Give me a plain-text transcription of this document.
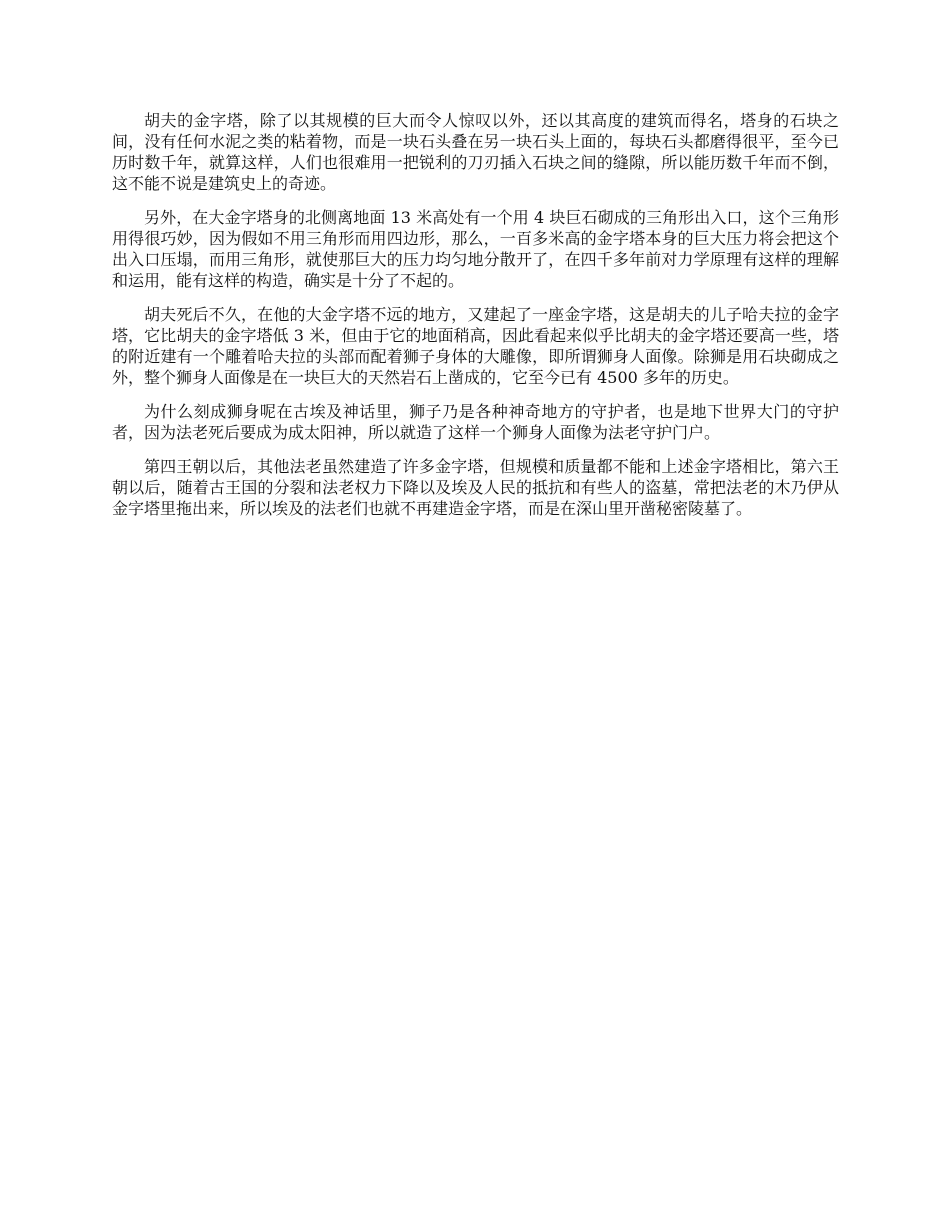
胡夫的金字塔，除了以其规模的巨大而令人惊叹以外，还以其高度的建筑而得名，塔身的石块之间，没有任何水泥之类的粘着物，而是一块石头叠在另一块石头上面的，每块石头都磨得很平，至今已历时数千年，就算这样，人们也很难用一把锐利的刀刃插入石块之间的缝隙，所以能历数千年而不倒，这不能不说是建筑史上的奇迹。

另外，在大金字塔身的北侧离地面 13 米高处有一个用 4 块巨石砌成的三角形出入口，这个三角形用得很巧妙，因为假如不用三角形而用四边形，那么，一百多米高的金字塔本身的巨大压力将会把这个出入口压塌，而用三角形，就使那巨大的压力均匀地分散开了，在四千多年前对力学原理有这样的理解和运用，能有这样的构造，确实是十分了不起的。

胡夫死后不久，在他的大金字塔不远的地方，又建起了一座金字塔，这是胡夫的儿子哈夫拉的金字塔，它比胡夫的金字塔低 3 米，但由于它的地面稍高，因此看起来似乎比胡夫的金字塔还要高一些，塔的附近建有一个雕着哈夫拉的头部而配着狮子身体的大雕像，即所谓狮身人面像。除狮是用石块砌成之外，整个狮身人面像是在一块巨大的天然岩石上凿成的，它至今已有 4500 多年的历史。

为什么刻成狮身呢在古埃及神话里，狮子乃是各种神奇地方的守护者，也是地下世界大门的守护者，因为法老死后要成为成太阳神，所以就造了这样一个狮身人面像为法老守护门户。

第四王朝以后，其他法老虽然建造了许多金字塔，但规模和质量都不能和上述金字塔相比，第六王朝以后，随着古王国的分裂和法老权力下降以及埃及人民的抵抗和有些人的盗墓，常把法老的木乃伊从金字塔里拖出来，所以埃及的法老们也就不再建造金字塔，而是在深山里开凿秘密陵墓了。
